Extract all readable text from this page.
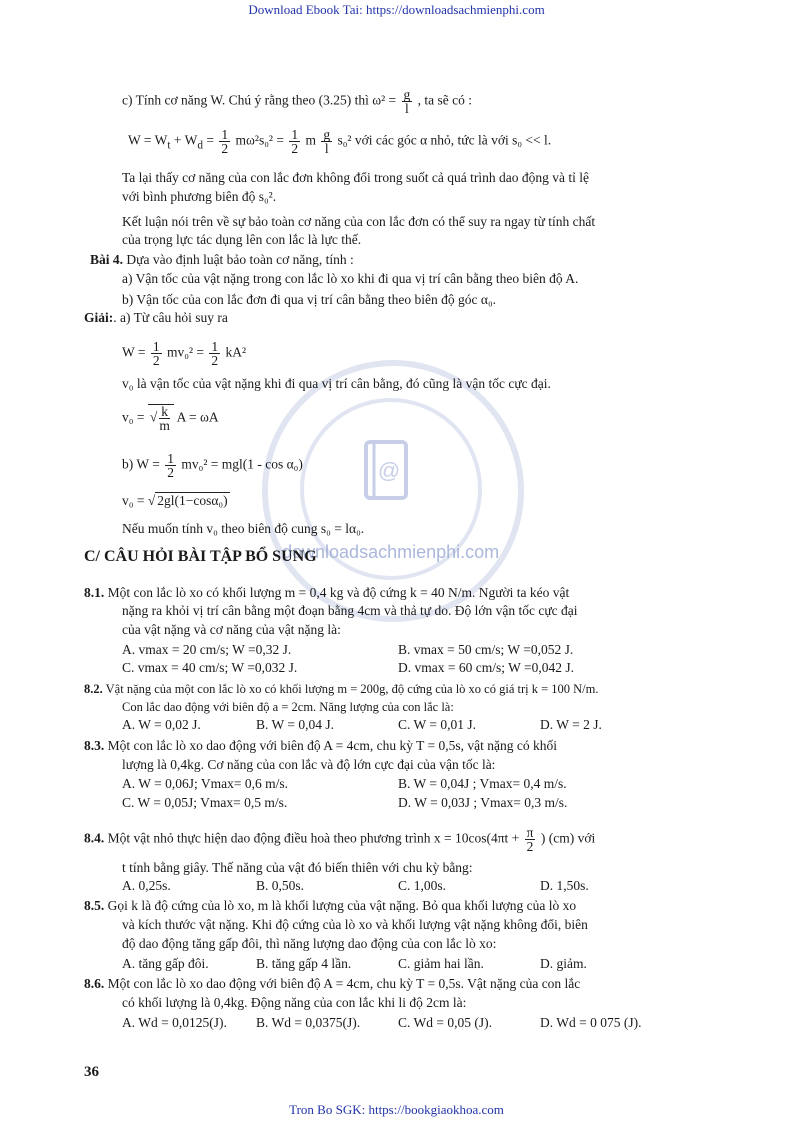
Download Ebook Tai: https://downloadsachmienphi.com
@
downloadsachmienphi.com
c) Tính cơ năng W. Chú ý rằng theo (3.25) thì $\omega^2 = \frac{g}{l}$ , ta sẽ có :
$W = W_t + W_d = \frac{1}{2} m\omega^2s_0^2 = \frac{1}{2}$ m $\frac{g}{l} s_0^2$ với các góc α nhỏ, tức là với s₀ << l.
Ta lại thấy cơ năng của con lắc đơn không đổi trong suốt cả quá trình dao động và tỉ lệ
với bình phương biên độ s₀².
Kết luận nói trên về sự bảo toàn cơ năng của con lắc đơn có thể suy ra ngay từ tính chất
của trọng lực tác dụng lên con lắc là lực thế.
Bài 4. Dựa vào định luật bảo toàn cơ năng, tính :
a) Vận tốc của vật nặng trong con lắc lò xo khi đi qua vị trí cân bằng theo biên độ A.
b) Vận tốc của con lắc đơn đi qua vị trí cân bằng theo biên độ góc α₀.
Giải:. a) Từ câu hỏi suy ra
$W = \frac{1}{2} mv_0^2 = \frac{1}{2} kA^2$
v₀ là vận tốc của vật nặng khi đi qua vị trí cân bằng, đó cũng là vận tốc cực đại.
v₀ = √ $\frac{k}{m}$ A = ωA
b) $W = \frac{1}{2} mv_0^2 = mgl(1 - \cos \alpha_0)$
v₀ = √ 2gl(1−cosα₀)
Nếu muốn tính v₀ theo biên độ cung s₀ = lα₀.
C/ CÂU HỎI BÀI TẬP BỔ SUNG
8.1. Một con lắc lò xo có khối lượng m = 0,4 kg và độ cứng k = 40 N/m. Người ta kéo vật
nặng ra khỏi vị trí cân bằng một đoạn bằng 4cm và thả tự do. Độ lớn vận tốc cực đại
của vật nặng và cơ năng của vật nặng là:
A. vmax = 20 cm/s; W =0,32 J.	B. vmax = 50 cm/s; W =0,052 J.
C. vmax = 40 cm/s; W =0,032 J.	D. vmax = 60 cm/s; W =0,042 J.
8.2. Vật nặng của một con lắc lò xo có khối lượng m = 200g, độ cứng của lò xo có giá trị k = 100 N/m.
Con lắc dao động với biên độ a = 2cm. Năng lượng của con lắc là:
A. W = 0,02 J.	B. W = 0,04 J.	C. W = 0,01 J.	D. W = 2 J.
8.3. Một con lắc lò xo dao động với biên độ A = 4cm, chu kỳ T = 0,5s, vật nặng có khối
lượng là 0,4kg. Cơ năng của con lắc và độ lớn cực đại của vận tốc là:
A. W = 0,06J; Vmax= 0,6 m/s.	B. W = 0,04J ; Vmax= 0,4 m/s.
C. W = 0,05J; Vmax= 0,5 m/s.	D. W = 0,03J ; Vmax= 0,3 m/s.
8.4. Một vật nhỏ thực hiện dao động điều hoà theo phương trình $x = 10\cos(4\pi t + \frac{\pi}{2}$ ) (cm) với
t tính bằng giây. Thế năng của vật đó biến thiên với chu kỳ bằng:
A. 0,25s.	B. 0,50s.	C. 1,00s.	D. 1,50s.
8.5. Gọi k là độ cứng của lò xo, m là khối lượng của vật nặng. Bỏ qua khối lượng của lò xo
và kích thước vật nặng. Khi độ cứng của lò xo và khối lượng vật nặng không đổi, biên
độ dao động tăng gấp đôi, thì năng lượng dao động của con lắc lò xo:
A. tăng gấp đôi.	B. tăng gấp 4 lần.	C. giảm hai lần.	D. giảm.
8.6. Một con lắc lò xo dao động với biên độ A = 4cm, chu kỳ T = 0,5s. Vật nặng của con lắc
có khối lượng là 0,4kg. Động năng của con lắc khi li độ 2cm là:
A. Wd = 0,0125(J). B. Wd = 0,0375(J).	C. Wd = 0,05 (J).	D. Wd = 0 075 (J).
36
Tron Bo SGK: https://bookgiaokhoa.com
